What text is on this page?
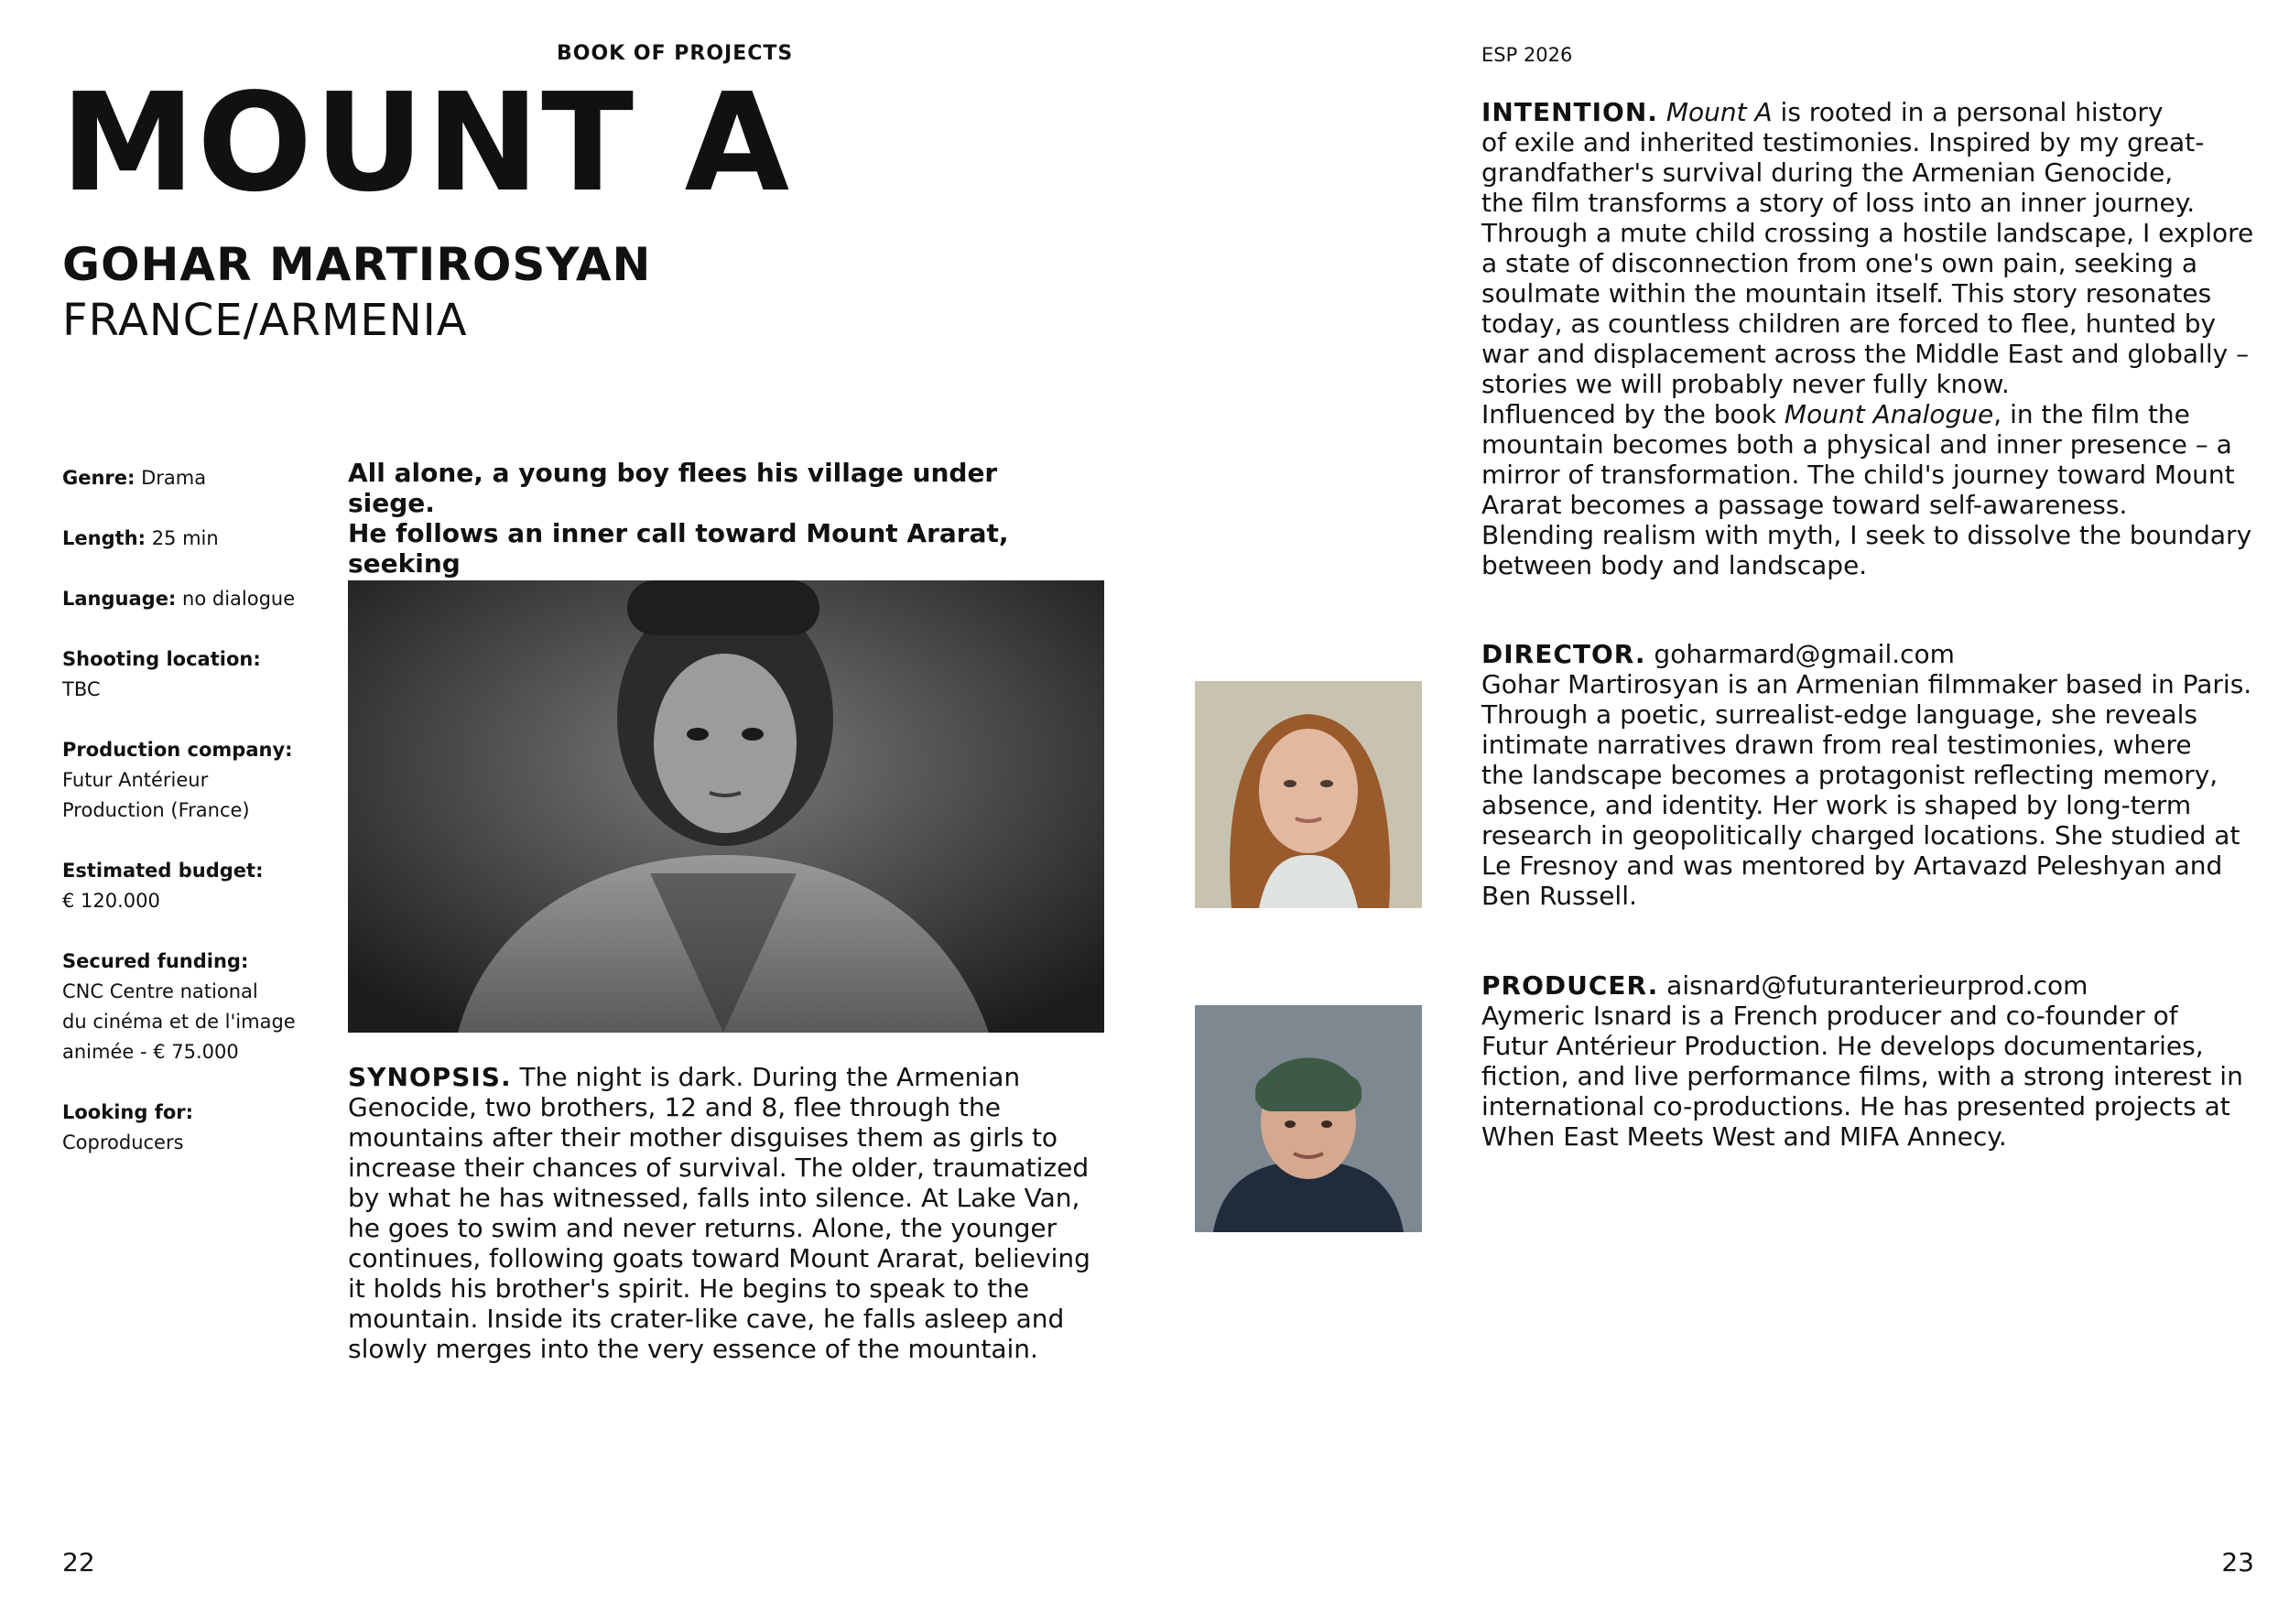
BOOK OF PROJECTS	ESP 2026
MOUNT A
GOHAR MARTIROSYAN
FRANCE/ARMENIA
Genre: Drama
Length: 25 min
Language: no dialogue
Shooting location:
TBC
Production company:
Futur Antérieur
Production (France)
Estimated budget:
€ 120.000
Secured funding:
CNC Centre national
du cinéma et de l'image
animée - € 75.000
Looking for:
Coproducers
All alone, a young boy flees his village under siege.
He follows an inner call toward Mount Ararat, seeking
SYNOPSIS. The night is dark. During the Armenian
Genocide, two brothers, 12 and 8, flee through the
mountains after their mother disguises them as girls to
increase their chances of survival. The older, traumatized
by what he has witnessed, falls into silence. At Lake Van,
he goes to swim and never returns. Alone, the younger
continues, following goats toward Mount Ararat, believing
it holds his brother's spirit. He begins to speak to the
mountain. Inside its crater-like cave, he falls asleep and
slowly merges into the very essence of the mountain.
INTENTION. Mount A is rooted in a personal history
of exile and inherited testimonies. Inspired by my great-
grandfather's survival during the Armenian Genocide,
the film transforms a story of loss into an inner journey.
Through a mute child crossing a hostile landscape, I explore
a state of disconnection from one's own pain, seeking a
soulmate within the mountain itself. This story resonates
today, as countless children are forced to flee, hunted by
war and displacement across the Middle East and globally –
stories we will probably never fully know.
Influenced by the book Mount Analogue, in the film the
mountain becomes both a physical and inner presence – a
mirror of transformation. The child's journey toward Mount
Ararat becomes a passage toward self-awareness.
Blending realism with myth, I seek to dissolve the boundary
between body and landscape.
DIRECTOR. goharmard@gmail.com
Gohar Martirosyan is an Armenian filmmaker based in Paris.
Through a poetic, surrealist-edge language, she reveals
intimate narratives drawn from real testimonies, where
the landscape becomes a protagonist reflecting memory,
absence, and identity. Her work is shaped by long-term
research in geopolitically charged locations. She studied at
Le Fresnoy and was mentored by Artavazd Peleshyan and
Ben Russell.
PRODUCER. aisnard@futuranterieurprod.com
Aymeric Isnard is a French producer and co-founder of
Futur Antérieur Production. He develops documentaries,
fiction, and live performance films, with a strong interest in
international co-productions. He has presented projects at
When East Meets West and MIFA Annecy.
22	23
